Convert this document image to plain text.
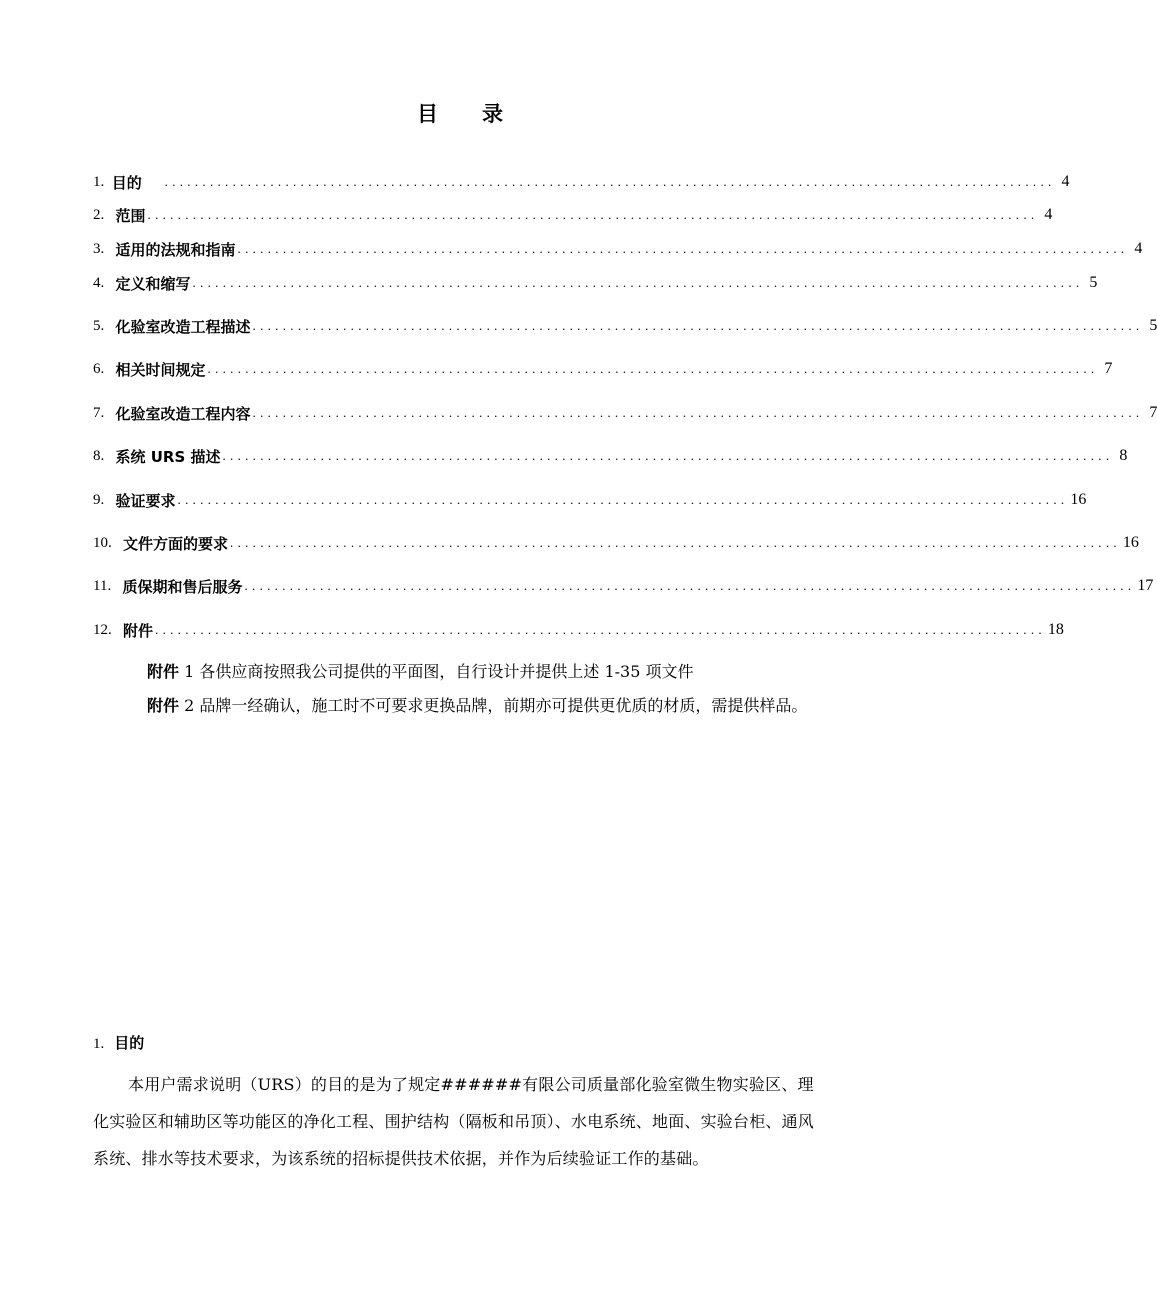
目 录
1. 目的 ...................................................................................................................... 4
2. 范围 ...................................................................................................................... 4
3. 适用的法规和指南 ...................................................................................................................... 4
4. 定义和缩写 ...................................................................................................................... 5
5. 化验室改造工程描述 ...................................................................................................................... 5
6. 相关时间规定 ...................................................................................................................... 7
7. 化验室改造工程内容 ...................................................................................................................... 7
8. 系统 URS 描述 ...................................................................................................................... 8
9. 验证要求 ...................................................................................................................... 16
10. 文件方面的要求 ...................................................................................................................... 16
11. 质保期和售后服务 ...................................................................................................................... 17
12. 附件 ...................................................................................................................... 18
附件 1 各供应商按照我公司提供的平面图，自行设计并提供上述 1-35 项文件
附件 2 品牌一经确认，施工时不可要求更换品牌，前期亦可提供更优质的材质，需提供样品。
1. 目的
本用户需求说明（URS）的目的是为了规定######有限公司质量部化验室微生物实验区、理化实验区和辅助区等功能区的净化工程、围护结构（隔板和吊顶）、水电系统、地面、实验台柜、通风系统、排水等技术要求，为该系统的招标提供技术依据，并作为后续验证工作的基础。
